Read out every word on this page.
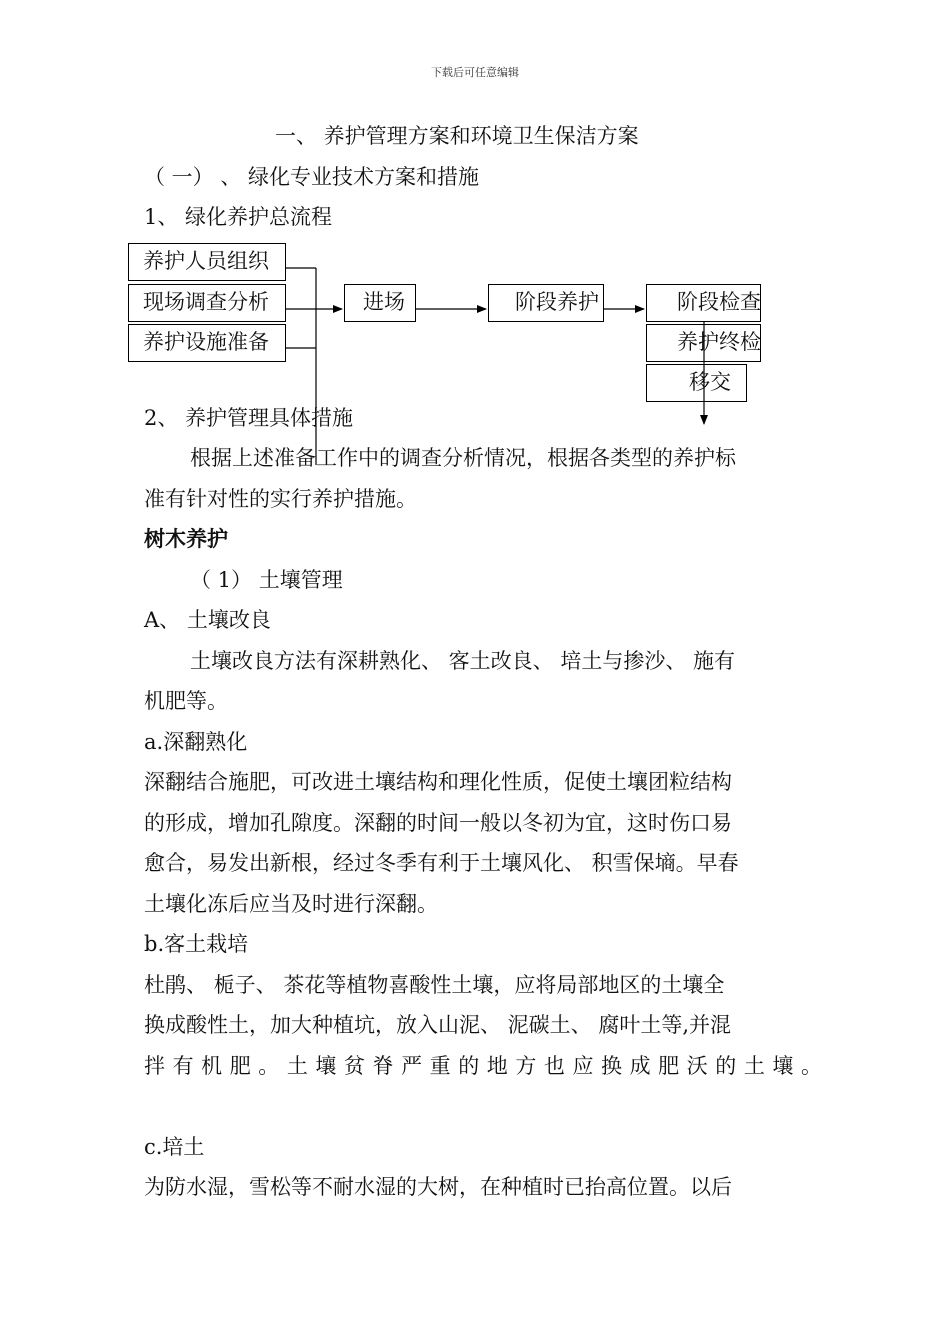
下载后可任意编辑
一、 养护管理方案和环境卫生保洁方案
（ 一） 、 绿化专业技术方案和措施
1、 绿化养护总流程
养护人员组织
现场调查分析
养护设施准备
进场	阶段养护	阶段检查
养护终检
移交
2、 养护管理具体措施
根据上述准备工作中的调查分析情况，根据各类型的养护标
准有针对性的实行养护措施。
树木养护
（ 1） 土壤管理
A、 土壤改良
土壤改良方法有深耕熟化、 客土改良、 培土与掺沙、 施有
机肥等。
a.深翻熟化
深翻结合施肥，可改进土壤结构和理化性质，促使土壤团粒结构
的形成，增加孔隙度。深翻的时间一般以冬初为宜，这时伤口易
愈合，易发出新根，经过冬季有利于土壤风化、 积雪保墒。早春
土壤化冻后应当及时进行深翻。
b.客土栽培
杜鹃、 栀子、 茶花等植物喜酸性土壤，应将局部地区的土壤全
换成酸性土，加大种植坑，放入山泥、 泥碳土、 腐叶土等,并混
拌有机肥。土壤贫脊严重的地方也应换成肥沃的土壤。
c.培土
为防水湿，雪松等不耐水湿的大树，在种植时已抬高位置。以后
